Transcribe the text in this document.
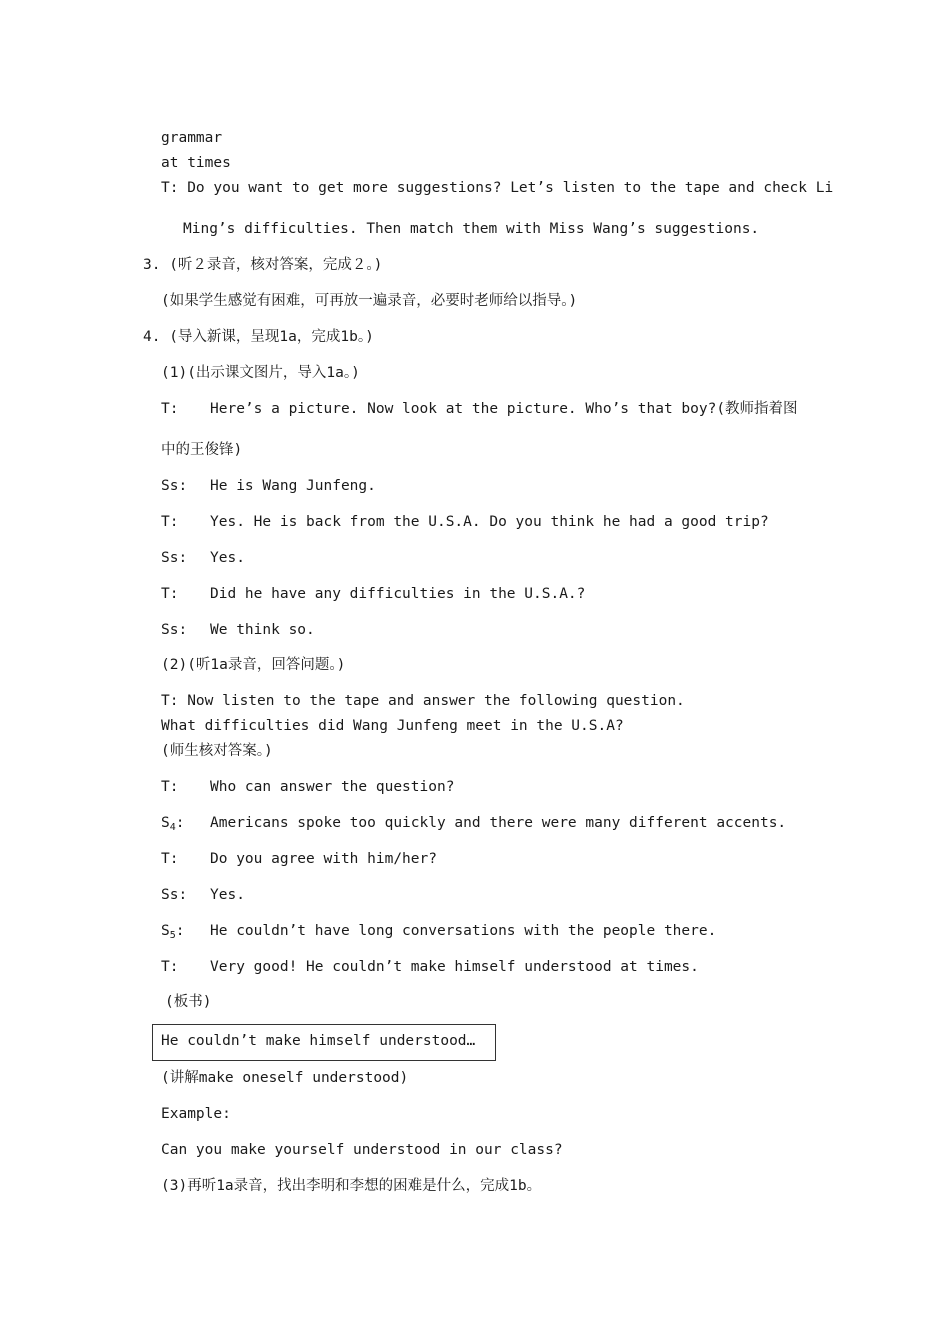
grammar
at times
T: Do you want to get more suggestions? Let’s listen to the tape and check Li
Ming’s difficulties. Then match them with Miss Wang’s suggestions.
3. (听２录音，核对答案，完成２。)
(如果学生感觉有困难，可再放一遍录音，必要时老师给以指导。)
4. (导入新课，呈现1a，完成1b。)
(1)(出示课文图片，导入1a。)
T: Here’s a picture. Now look at the picture. Who’s that boy?(教师指着图
中的王俊锋)
Ss: He is Wang Junfeng.
T: Yes. He is back from the U.S.A. Do you think he had a good trip?
Ss: Yes.
T: Did he have any difficulties in the U.S.A.?
Ss: We think so.
(2)(听1a录音，回答问题。)
T: Now listen to the tape and answer the following question.
What difficulties did Wang Junfeng meet in the U.S.A?
(师生核对答案。)
T: Who can answer the question?
$S_4$: Americans spoke too quickly and there were many different accents.
T: Do you agree with him/her?
Ss: Yes.
$S_5$: He couldn’t have long conversations with the people there.
T: Very good! He couldn’t make himself understood at times.
(板书)
He couldn’t make himself understood…
(讲解make oneself understood)
Example:
Can you make yourself understood in our class?
(3)再听1a录音，找出李明和李想的困难是什么，完成1b。
